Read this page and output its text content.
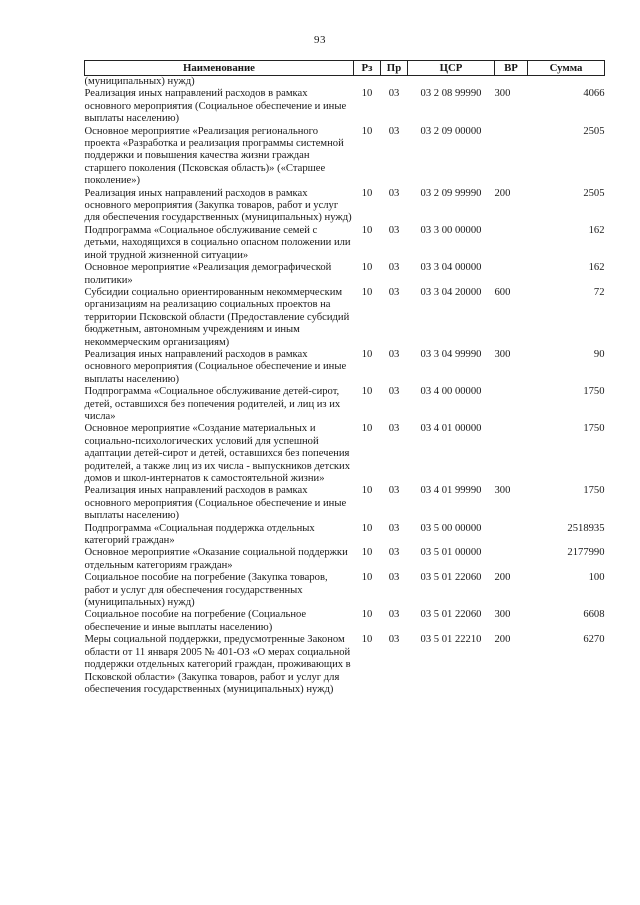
93
Наименование	Рз	Пр	ЦСР	ВР	Сумма
(муниципальных) нужд)					
Реализация иных направлений расходов в рамках основного мероприятия (Социальное обеспечение и иные выплаты населению)	10	03	03 2 08 99990	300	4066
Основное мероприятие «Реализация регионального проекта «Разработка и реализация программы системной поддержки и повышения качества жизни граждан старшего поколения (Псковская область)» («Старшее поколение»)	10	03	03 2 09 00000		2505
Реализация иных направлений расходов в рамках основного мероприятия (Закупка товаров, работ и услуг для обеспечения государственных (муниципальных) нужд)	10	03	03 2 09 99990	200	2505
Подпрограмма «Социальное обслуживание семей с детьми, находящихся в социально опасном положении или иной трудной жизненной ситуации»	10	03	03 3 00 00000		162
Основное мероприятие «Реализация демографической политики»	10	03	03 3 04 00000		162
Субсидии социально ориентированным некоммерческим организациям на реализацию социальных проектов на территории Псковской области (Предоставление субсидий бюджетным, автономным учреждениям и иным некоммерческим организациям)	10	03	03 3 04 20000	600	72
Реализация иных направлений расходов в рамках основного мероприятия (Социальное обеспечение и иные выплаты населению)	10	03	03 3 04 99990	300	90
Подпрограмма «Социальное обслуживание детей-сирот, детей, оставшихся без попечения родителей, и лиц из их числа»	10	03	03 4 00 00000		1750
Основное мероприятие «Создание материальных и социально-психологических условий для успешной адаптации детей-сирот и детей, оставшихся без попечения родителей, а также лиц из их числа - выпускников детских домов и школ-интернатов к самостоятельной жизни»	10	03	03 4 01 00000		1750
Реализация иных направлений расходов в рамках основного мероприятия (Социальное обеспечение и иные выплаты населению)	10	03	03 4 01 99990	300	1750
Подпрограмма «Социальная поддержка отдельных категорий граждан»	10	03	03 5 00 00000		2518935
Основное мероприятие «Оказание социальной поддержки отдельным категориям граждан»	10	03	03 5 01 00000		2177990
Социальное пособие на погребение (Закупка товаров, работ и услуг для обеспечения государственных (муниципальных) нужд)	10	03	03 5 01 22060	200	100
Социальное пособие на погребение (Социальное обеспечение и иные выплаты населению)	10	03	03 5 01 22060	300	6608
Меры социальной поддержки, предусмотренные Законом области от 11 января 2005 № 401-ОЗ «О мерах социальной поддержки отдельных категорий граждан, проживающих в Псковской области» (Закупка товаров, работ и услуг для обеспечения государственных (муниципальных) нужд)	10	03	03 5 01 22210	200	6270
